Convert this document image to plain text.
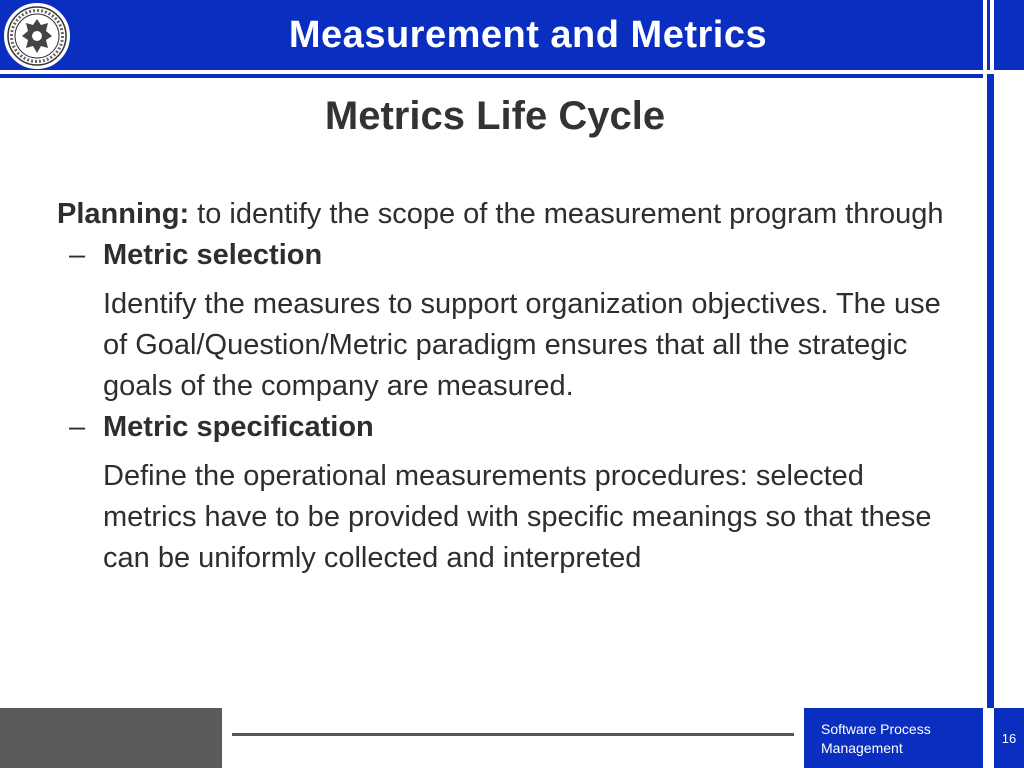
Measurement and Metrics
Metrics Life Cycle

Planning: to identify the scope of the measurement program through

– Metric selection

Identify the measures to support organization objectives. The use of Goal/Question/Metric paradigm ensures that all the strategic goals of the company are measured.

– Metric specification

Define the operational measurements procedures: selected metrics have to be provided with specific meanings so that these can be uniformly collected and interpreted

Software Process Management
16
